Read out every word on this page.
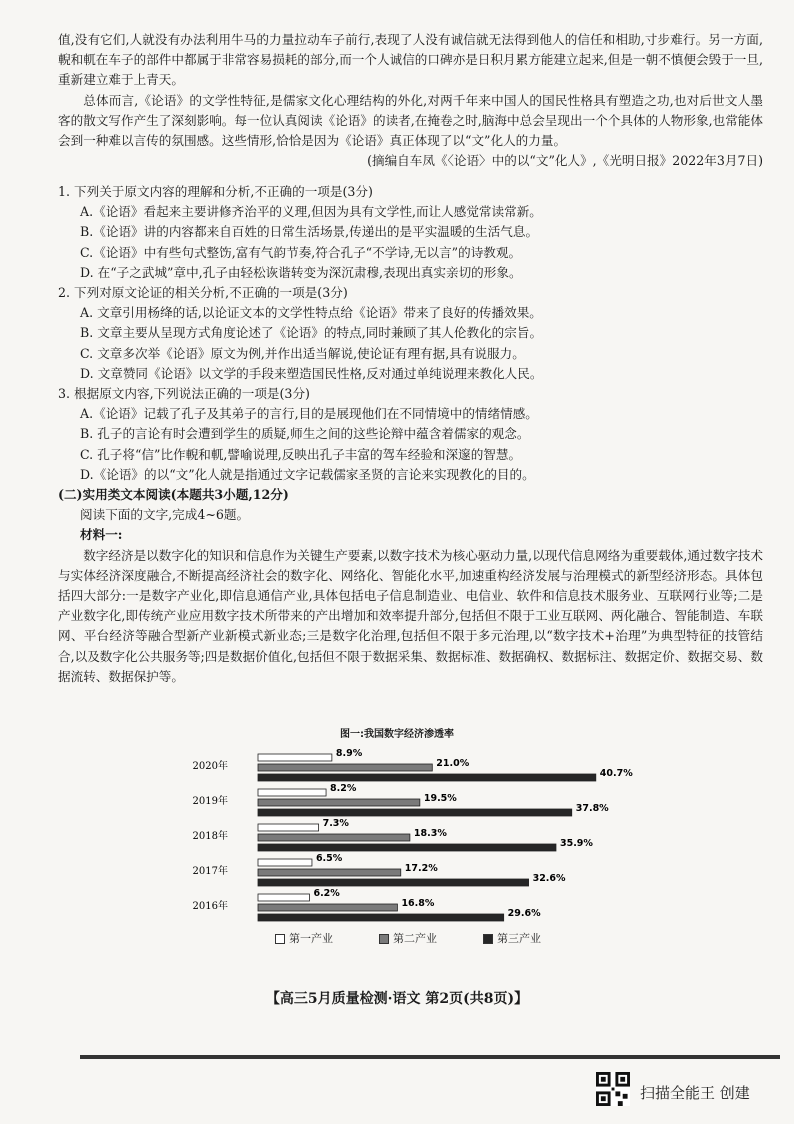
值,没有它们,人就没有办法利用牛马的力量拉动车子前行,表现了人没有诚信就无法得到他人的信任和相助,寸步难行。另一方面,輗和軏在车子的部件中都属于非常容易损耗的部分,而一个人诚信的口碑亦是日积月累方能建立起来,但是一朝不慎便会毁于一旦,重新建立难于上青天。

总体而言,《论语》的文学性特征,是儒家文化心理结构的外化,对两千年来中国人的国民性格具有塑造之功,也对后世文人墨客的散文写作产生了深刻影响。每一位认真阅读《论语》的读者,在掩卷之时,脑海中总会呈现出一个个具体的人物形象,也常能体会到一种难以言传的氛围感。这些情形,恰恰是因为《论语》真正体现了以“文”化人的力量。

(摘编自车凤《〈论语〉中的以“文”化人》,《光明日报》2022年3月7日)

1. 下列关于原文内容的理解和分析,不正确的一项是(3分)

A.《论语》看起来主要讲修齐治平的义理,但因为具有文学性,而让人感觉常读常新。

B.《论语》讲的内容都来自百姓的日常生活场景,传递出的是平实温暖的生活气息。

C.《论语》中有些句式整饬,富有气韵节奏,符合孔子“不学诗,无以言”的诗教观。

D. 在“子之武城”章中,孔子由轻松诙谐转变为深沉肃穆,表现出真实亲切的形象。

2. 下列对原文论证的相关分析,不正确的一项是(3分)

A. 文章引用杨绛的话,以论证文本的文学性特点给《论语》带来了良好的传播效果。

B. 文章主要从呈现方式角度论述了《论语》的特点,同时兼顾了其人伦教化的宗旨。

C. 文章多次举《论语》原文为例,并作出适当解说,使论证有理有据,具有说服力。

D. 文章赞同《论语》以文学的手段来塑造国民性格,反对通过单纯说理来教化人民。

3. 根据原文内容,下列说法正确的一项是(3分)

A.《论语》记载了孔子及其弟子的言行,目的是展现他们在不同情境中的情绪情感。

B. 孔子的言论有时会遭到学生的质疑,师生之间的这些论辩中蕴含着儒家的观念。

C. 孔子将“信”比作輗和軏,譬喻说理,反映出孔子丰富的驾车经验和深邃的智慧。

D.《论语》的以“文”化人就是指通过文字记载儒家圣贤的言论来实现教化的目的。

(二)实用类文本阅读(本题共3小题,12分)

阅读下面的文字,完成4~6题。

材料一:

数字经济是以数字化的知识和信息作为关键生产要素,以数字技术为核心驱动力量,以现代信息网络为重要载体,通过数字技术与实体经济深度融合,不断提高经济社会的数字化、网络化、智能化水平,加速重构经济发展与治理模式的新型经济形态。具体包括四大部分:一是数字产业化,即信息通信产业,具体包括电子信息制造业、电信业、软件和信息技术服务业、互联网行业等;二是产业数字化,即传统产业应用数字技术所带来的产出增加和效率提升部分,包括但不限于工业互联网、两化融合、智能制造、车联网、平台经济等融合型新产业新模式新业态;三是数字化治理,包括但不限于多元治理,以“数字技术+治理”为典型特征的技管结合,以及数字化公共服务等;四是数据价值化,包括但不限于数据采集、数据标准、数据确权、数据标注、数据定价、数据交易、数据流转、数据保护等。

图一:我国数字经济渗透率
2020年
8.9%
21.0%
40.7%
2019年
8.2%
19.5%
37.8%
2018年
7.3%
18.3%
35.9%
2017年
6.5%
17.2%
32.6%
2016年
6.2%
16.8%
29.6%
第一产业	第二产业	第三产业
【高三5月质量检测·语文 第2页(共8页)】
扫描全能王 创建
